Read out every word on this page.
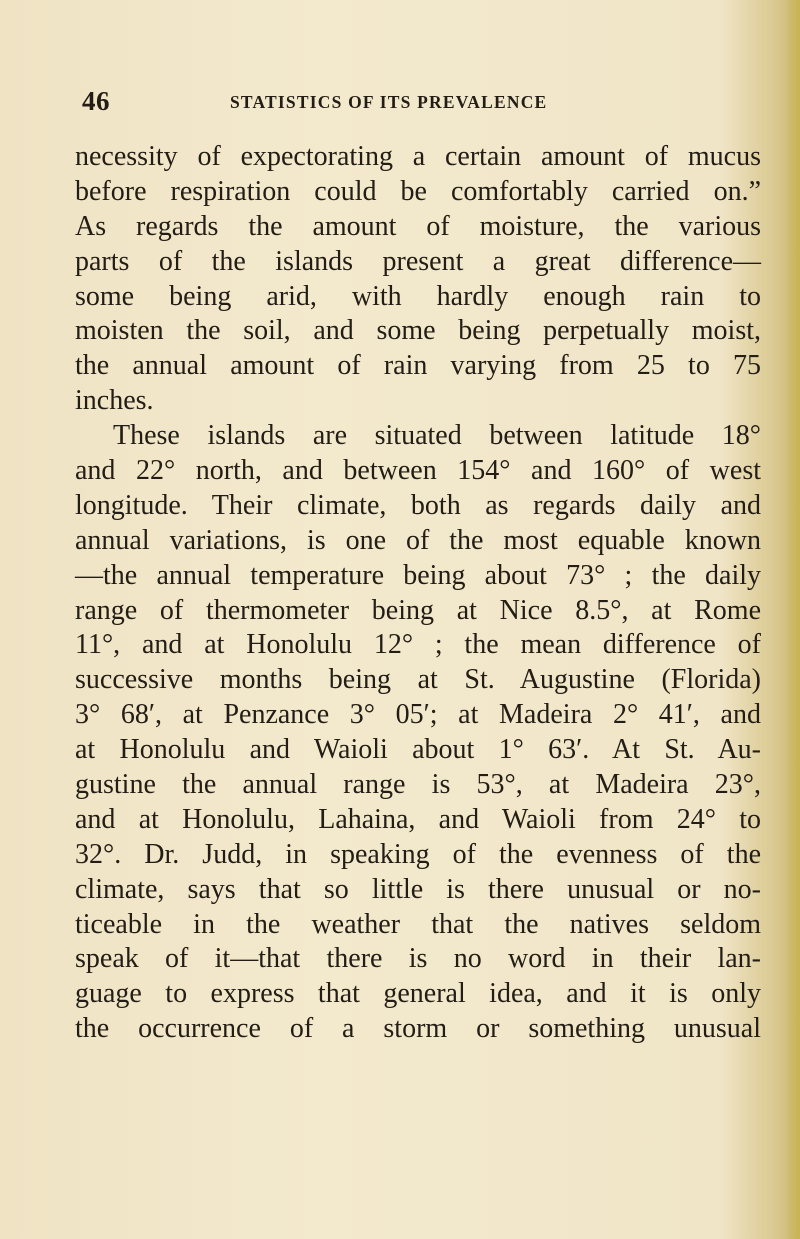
46	STATISTICS OF ITS PREVALENCE
necessity of expectorating a certain amount of mucus
before respiration could be comfortably carried on.”
As regards the amount of moisture, the various
parts of the islands present a great difference—
some being arid, with hardly enough rain to
moisten the soil, and some being perpetually moist,
the annual amount of rain varying from 25 to 75
inches.
These islands are situated between latitude 18°
and 22° north, and between 154° and 160° of west
longitude. Their climate, both as regards daily and
annual variations, is one of the most equable known
—the annual temperature being about 73° ; the daily
range of thermometer being at Nice 8.5°, at Rome
11°, and at Honolulu 12° ; the mean difference of
successive months being at St. Augustine (Florida)
3° 68′, at Penzance 3° 05′; at Madeira 2° 41′, and
at Honolulu and Waioli about 1° 63′. At St. Au-
gustine the annual range is 53°, at Madeira 23°,
and at Honolulu, Lahaina, and Waioli from 24° to
32°. Dr. Judd, in speaking of the evenness of the
climate, says that so little is there unusual or no-
ticeable in the weather that the natives seldom
speak of it—that there is no word in their lan-
guage to express that general idea, and it is only
the occurrence of a storm or something unusual
